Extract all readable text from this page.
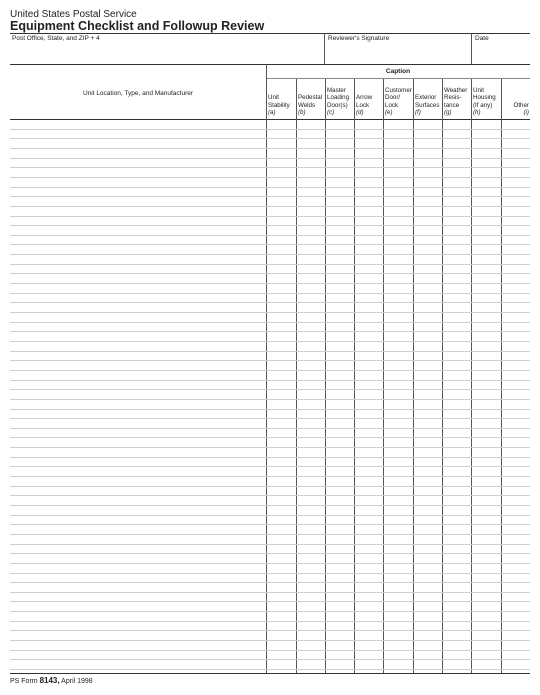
United States Postal Service
Equipment Checklist and Followup Review
Post Office, State, and ZIP + 4	Reviewer's Signature	Date
Unit Location, Type, and Manufacturer
Caption
Unit
Stability
(a)
Pedestal
Welds
(b)
Master
Loading
Door(s)
(c)
Arrow
Lock
(d)
Customer
Door/
Lock
(e)
Exterior
Surfaces
(f)
Weather
Resis-
tance
(g)
Unit
Housing
(If any)
(h)
Other
(i)
PS Form 8143, April 1998
